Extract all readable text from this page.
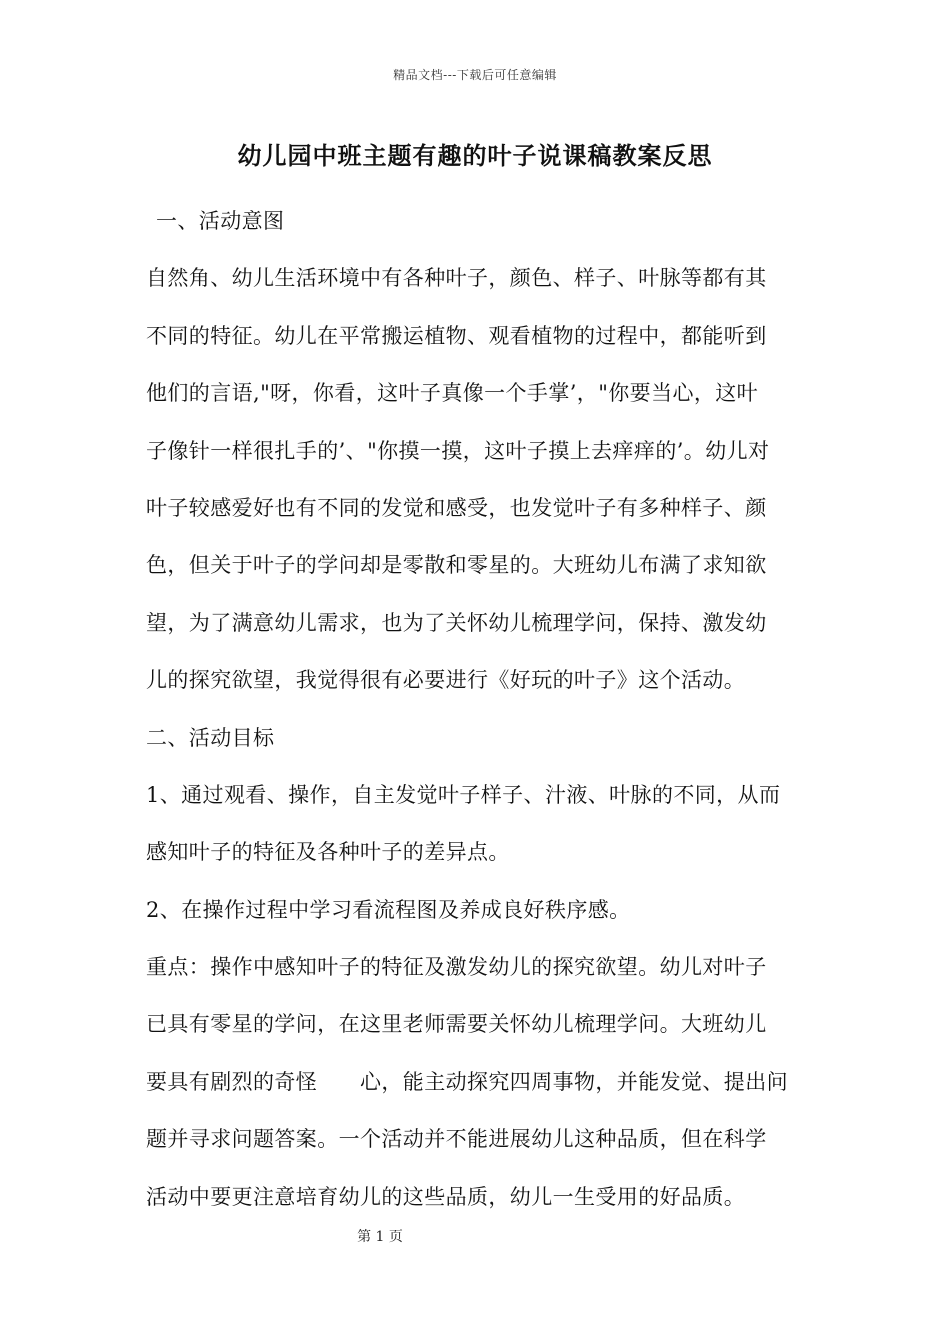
精品文档---下载后可任意编辑
幼儿园中班主题有趣的叶子说课稿教案反思
一、活动意图
自然角、幼儿生活环境中有各种叶子，颜色、样子、叶脉等都有其
不同的特征。幼儿在平常搬运植物、观看植物的过程中，都能听到
他们的言语,"呀，你看，这叶子真像一个手掌’，"你要当心，这叶
子像针一样很扎手的’、"你摸一摸，这叶子摸上去痒痒的’。幼儿对
叶子较感爱好也有不同的发觉和感受，也发觉叶子有多种样子、颜
色，但关于叶子的学问却是零散和零星的。大班幼儿布满了求知欲
望，为了满意幼儿需求，也为了关怀幼儿梳理学问，保持、激发幼
儿的探究欲望，我觉得很有必要进行《好玩的叶子》这个活动。
二、活动目标
1、通过观看、操作，自主发觉叶子样子、汁液、叶脉的不同，从而
感知叶子的特征及各种叶子的差异点。
2、在操作过程中学习看流程图及养成良好秩序感。
重点：操作中感知叶子的特征及激发幼儿的探究欲望。幼儿对叶子
已具有零星的学问，在这里老师需要关怀幼儿梳理学问。大班幼儿
要具有剧烈的奇怪　　心，能主动探究四周事物，并能发觉、提出问
题并寻求问题答案。一个活动并不能进展幼儿这种品质，但在科学
活动中要更注意培育幼儿的这些品质，幼儿一生受用的好品质。
第 1 页
